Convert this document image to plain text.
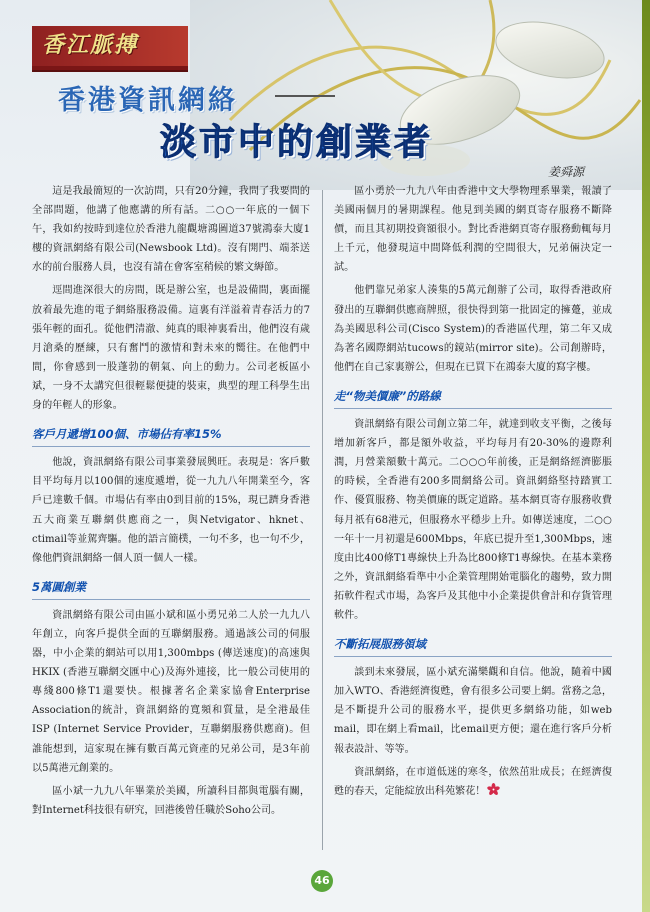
香江脈搏
香港資訊網絡
淡市中的創業者
姜舜源

這是我最簡短的一次訪問，只有20分鐘，我問了我要問的全部問題，他講了他應講的所有話。二○○一年底的一個下午，我如約按時到達位於香港九龍觀塘鴻圖道37號鴻泰大廈1樓的資訊網絡有限公司(Newsbook Ltd)。沒有開門、端茶送水的前台服務人員，也沒有請在會客室稍候的繁文縟節。

逕間進深很大的房間，既是辦公室，也是設備間，裏面擺放着最先進的電子網絡服務設備。這裏有洋溢着青春活力的7張年輕的面孔。從他們清澈、純真的眼神裏看出，他們沒有歲月滄桑的歷練，只有奮鬥的激情和對未來的嚮往。在他們中間，你會感到一股蓬勃的朝氣、向上的動力。公司老板區小斌，一身不太講究但很輕鬆便捷的裝束，典型的理工科學生出身的年輕人的形象。

客戶月遞增100個、市場佔有率15%

他說，資訊網絡有限公司事業發展興旺。表現是：客戶數目平均每月以100個的速度遞增，從一九九八年開業至今，客戶已達數千個。市場佔有率由0到目前的15%，現已躋身香港五大商業互聯網供應商之一，與Netvigator、hknet、ctimail等並駕齊驅。他的語言簡樸，一句不多，也一句不少，像他們資訊網絡一個人頂一個人一樣。

5萬圓創業

資訊網絡有限公司由區小斌和區小勇兄弟二人於一九九八年創立，向客戶提供全面的互聯網服務。通過該公司的伺服器，中小企業的網站可以用1,300mbps (傳送速度)的高速與HKIX (香港互聯網交匯中心)及海外連接，比一般公司使用的專綫800條T1還要快。根據著名企業家協會Enterprise Association的統計，資訊網絡的寬頻和質量，是全港最佳ISP (Internet Service Provider，互聯網服務供應商)。但誰能想到，這家現在擁有數百萬元資產的兄弟公司，是3年前以5萬港元創業的。

區小斌一九九八年畢業於美國，所讀科目都與電腦有關，對Internet科技很有研究，回港後曾任職於Soho公司。

區小勇於一九九八年由香港中文大學物理系畢業，報讀了美國兩個月的暑期課程。他見到美國的網頁寄存服務不斷降價，而且其初期投資額很小。對比香港網頁寄存服務動輒每月上千元，他發現這中間降低利潤的空間很大，兄弟倆決定一試。

他們靠兄弟家人湊集的5萬元創辦了公司，取得香港政府發出的互聯網供應商牌照，很快得到第一批固定的擁躉，並成為美國思科公司(Cisco System)的香港區代理，第二年又成為著名國際網站tucows的鏡站(mirror site)。公司創辦時，他們在自己家裏辦公，但現在已買下在鴻泰大廈的寫字樓。

走“物美價廉”的路線

資訊網絡有限公司創立第二年，就達到收支平衡，之後每增加新客戶，都是額外收益，平均每月有20-30%的邊際利潤，月營業額數十萬元。二○○○年前後，正是網絡經濟膨脹的時候，全香港有200多間網絡公司。資訊網絡堅持踏實工作、優質服務、物美價廉的既定道路。基本網頁寄存服務收費每月祇有68港元，但服務水平穩步上升。如傳送速度，二○○一年十一月初還是600Mbps，年底已提升至1,300Mbps，速度由比400條T1專線快上升為比800條T1專線快。在基本業務之外，資訊網絡看準中小企業管理開始電腦化的趨勢，致力開拓軟件程式市場，為客戶及其他中小企業提供會計和存貨管理軟件。

不斷拓展服務領域

談到未來發展，區小斌充滿樂觀和自信。他說，隨着中國加入WTO、香港經濟復甦，會有很多公司要上網。當務之急，是不斷提升公司的服務水平，提供更多網絡功能，如web mail，即在網上看mail，比email更方便；還在進行客戶分析報表設計、等等。

資訊網絡，在市道低迷的寒冬，依然茁壯成長；在經濟復甦的春天，定能綻放出科苑繁花！

46
